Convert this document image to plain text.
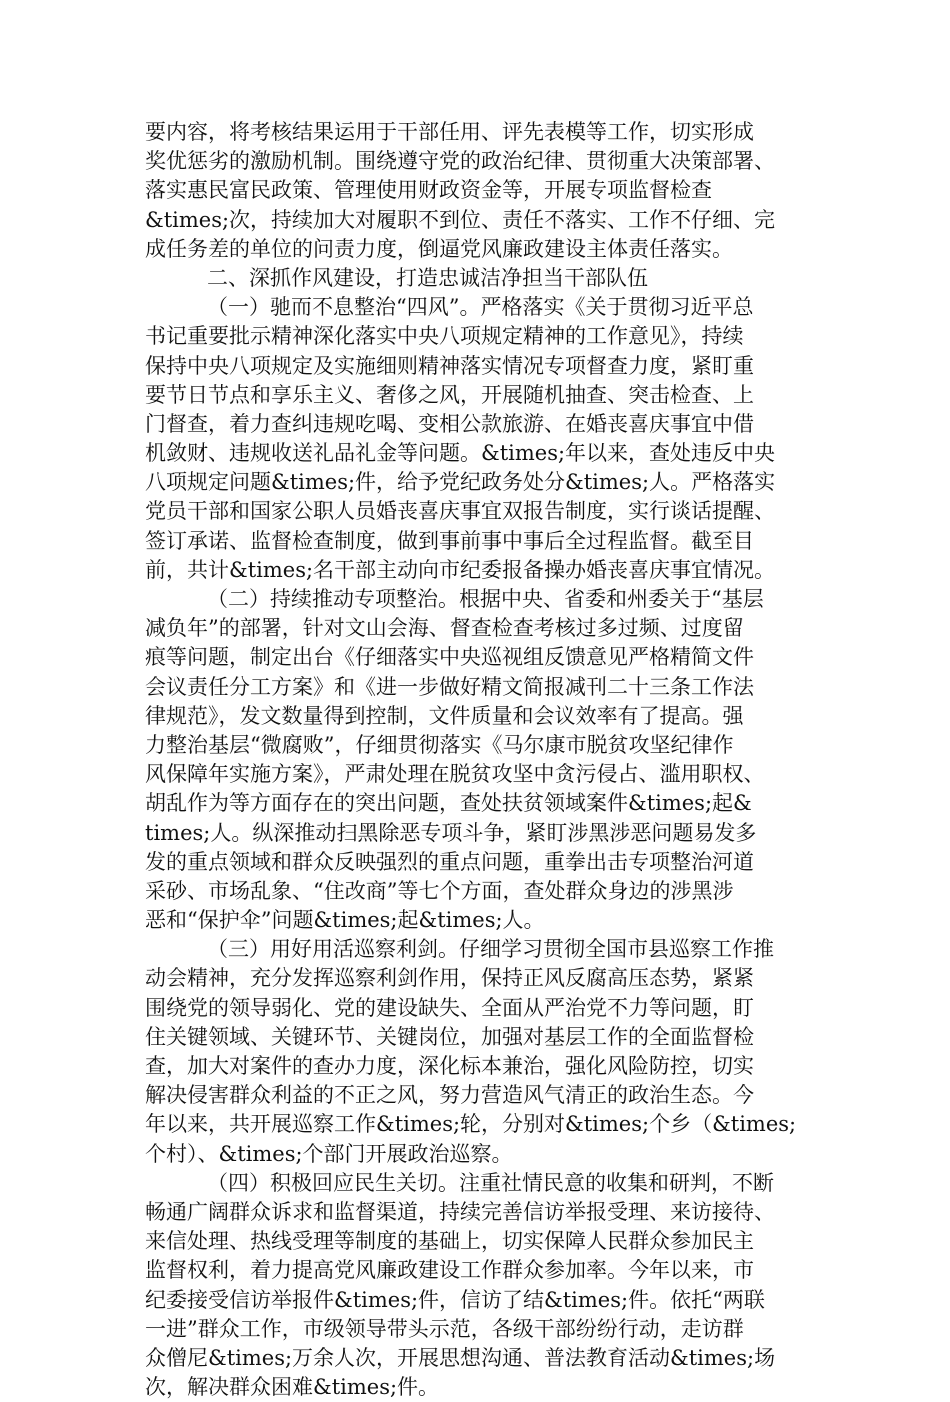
要内容，将考核结果运用于干部任用、评先表模等工作，切实形成
奖优惩劣的激励机制。围绕遵守党的政治纪律、贯彻重大决策部署、
落实惠民富民政策、管理使用财政资金等，开展专项监督检查
&times;次，持续加大对履职不到位、责任不落实、工作不仔细、完
成任务差的单位的问责力度，倒逼党风廉政建设主体责任落实。
二、深抓作风建设，打造忠诚洁净担当干部队伍
（一）驰而不息整治“四风”。严格落实《关于贯彻习近平总
书记重要批示精神深化落实中央八项规定精神的工作意见》，持续
保持中央八项规定及实施细则精神落实情况专项督查力度，紧盯重
要节日节点和享乐主义、奢侈之风，开展随机抽查、突击检查、上
门督查，着力查纠违规吃喝、变相公款旅游、在婚丧喜庆事宜中借
机敛财、违规收送礼品礼金等问题。&times;年以来，查处违反中央
八项规定问题&times;件，给予党纪政务处分&times;人。严格落实
党员干部和国家公职人员婚丧喜庆事宜双报告制度，实行谈话提醒、
签订承诺、监督检查制度，做到事前事中事后全过程监督。截至目
前，共计&times;名干部主动向市纪委报备操办婚丧喜庆事宜情况。
（二）持续推动专项整治。根据中央、省委和州委关于“基层
减负年”的部署，针对文山会海、督查检查考核过多过频、过度留
痕等问题，制定出台《仔细落实中央巡视组反馈意见严格精简文件
会议责任分工方案》和《进一步做好精文简报减刊二十三条工作法
律规范》，发文数量得到控制，文件质量和会议效率有了提高。强
力整治基层“微腐败”，仔细贯彻落实《马尔康市脱贫攻坚纪律作
风保障年实施方案》，严肃处理在脱贫攻坚中贪污侵占、滥用职权、
胡乱作为等方面存在的突出问题，查处扶贫领域案件&times;起&
times;人。纵深推动扫黑除恶专项斗争，紧盯涉黑涉恶问题易发多
发的重点领域和群众反映强烈的重点问题，重拳出击专项整治河道
采砂、市场乱象、“住改商”等七个方面，查处群众身边的涉黑涉
恶和“保护伞”问题&times;起&times;人。
（三）用好用活巡察利剑。仔细学习贯彻全国市县巡察工作推
动会精神，充分发挥巡察利剑作用，保持正风反腐高压态势，紧紧
围绕党的领导弱化、党的建设缺失、全面从严治党不力等问题，盯
住关键领域、关键环节、关键岗位，加强对基层工作的全面监督检
查，加大对案件的查办力度，深化标本兼治，强化风险防控，切实
解决侵害群众利益的不正之风，努力营造风气清正的政治生态。今
年以来，共开展巡察工作&times;轮，分别对&times;个乡（&times;
个村）、&times;个部门开展政治巡察。
（四）积极回应民生关切。注重社情民意的收集和研判，不断
畅通广阔群众诉求和监督渠道，持续完善信访举报受理、来访接待、
来信处理、热线受理等制度的基础上，切实保障人民群众参加民主
监督权利，着力提高党风廉政建设工作群众参加率。今年以来，市
纪委接受信访举报件&times;件，信访了结&times;件。依托“两联
一进”群众工作，市级领导带头示范，各级干部纷纷行动，走访群
众僧尼&times;万余人次，开展思想沟通、普法教育活动&times;场
次，解决群众困难&times;件。
